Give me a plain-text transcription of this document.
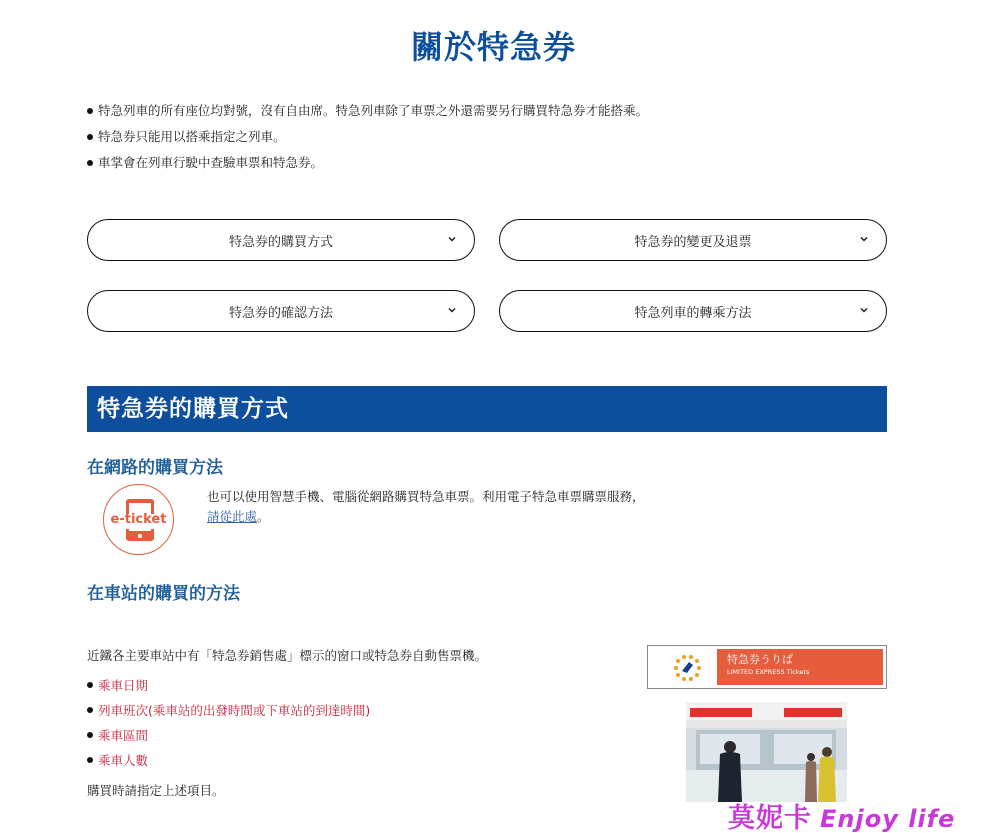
關於特急券
特急列車的所有座位均對號，沒有自由席。特急列車除了車票之外還需要另行購買特急券才能搭乘。
特急券只能用以搭乘指定之列車。
車掌會在列車行駛中查驗車票和特急券。
特急券的購買方式	特急券的變更及退票
特急券的確認方法	特急列車的轉乘方法
特急券的購買方式
在網路的購買方法
e-ticket
也可以使用智慧手機、電腦從網路購買特急車票。利用電子特急車票購票服務，
請從此處。
在車站的購買的方法
近鐵各主要車站中有「特急券銷售處」標示的窗口或特急券自動售票機。
乘車日期
列車班次(乘車站的出發時間或下車站的到達時間)
乘車區間
乘車人數
購買時請指定上述項目。
特急券うりば
LIMITED EXPRESS Tickets
莫妮卡 Enjoy life
